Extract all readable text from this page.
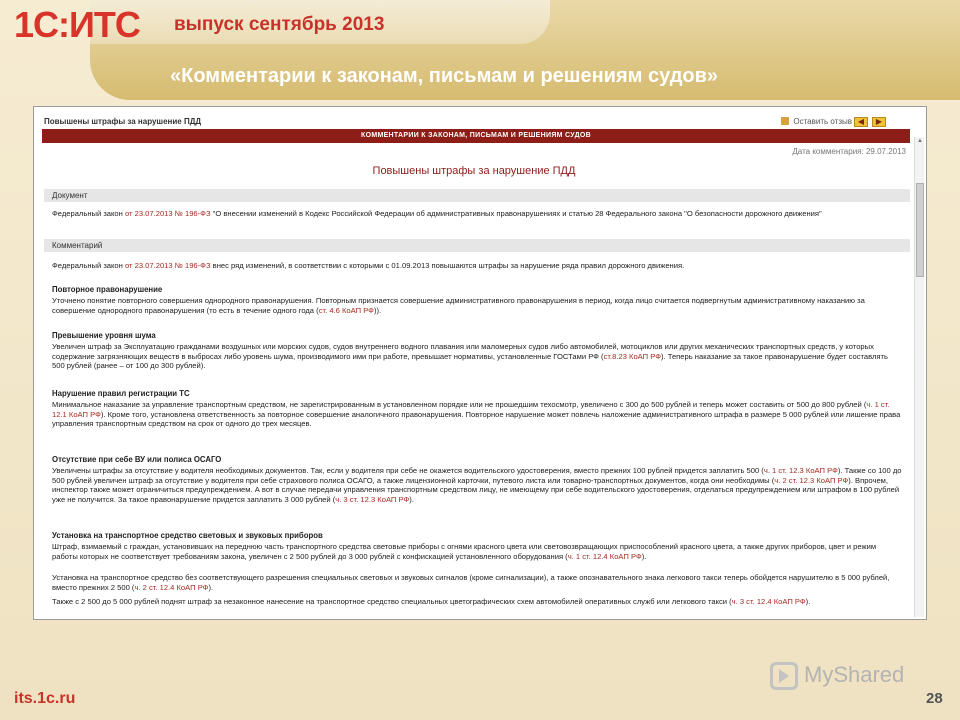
1С:ИТС выпуск сентябрь 2013
«Комментарии к законам, письмам и решениям судов»
Повышены штрафы за нарушение ПДД	Оставить отзыв ◀	▶
КОММЕНТАРИИ К ЗАКОНАМ, ПИСЬМАМ И РЕШЕНИЯМ СУДОВ
Дата комментария: 29.07.2013
Повышены штрафы за нарушение ПДД
Документ
Федеральный закон от 23.07.2013 № 196-ФЗ "О внесении изменений в Кодекс Российской Федерации об административных правонарушениях и статью 28 Федерального закона "О безопасности дорожного движения"
Комментарий
Федеральный закон от 23.07.2013 № 196-ФЗ внес ряд изменений, в соответствии с которыми с 01.09.2013 повышаются штрафы за нарушение ряда правил дорожного движения.
Повторное правонарушение
Уточнено понятие повторного совершения однородного правонарушения. Повторным признается совершение административного правонарушения в период, когда лицо считается подвергнутым административному наказанию за совершение однородного правонарушения (то есть в течение одного года (ст. 4.6 КоАП РФ)).
Превышение уровня шума
Увеличен штраф за Эксплуатацию гражданами воздушных или морских судов, судов внутреннего водного плавания или маломерных судов либо автомобилей, мотоциклов или других механических транспортных средств, у которых содержание загрязняющих веществ в выбросах либо уровень шума, производимого ими при работе, превышает нормативы, установленные ГОСТами РФ (ст.8.23 КоАП РФ). Теперь наказание за такое правонарушение будет составлять 500 рублей (ранее – от 100 до 300 рублей).
Нарушение правил регистрации ТС
Минимальное наказание за управление транспортным средством, не зарегистрированным в установленном порядке или не прошедшим техосмотр, увеличено с 300 до 500 рублей и теперь может составить от 500 до 800 рублей (ч. 1 ст. 12.1 КоАП РФ). Кроме того, установлена ответственность за повторное совершение аналогичного правонарушения. Повторное нарушение может повлечь наложение административного штрафа в размере 5 000 рублей или лишение права управления транспортным средством на срок от одного до трех месяцев.
Отсутствие при себе ВУ или полиса ОСАГО
Увеличены штрафы за отсутствие у водителя необходимых документов. Так, если у водителя при себе не окажется водительского удостоверения, вместо прежних 100 рублей придется заплатить 500 (ч. 1 ст. 12.3 КоАП РФ). Также со 100 до 500 рублей увеличен штраф за отсутствие у водителя при себе страхового полиса ОСАГО, а также лицензионной карточки, путевого листа или товарно-транспортных документов, когда они необходимы (ч. 2 ст. 12.3 КоАП РФ). Впрочем, инспектор также может ограничиться предупреждением. А вот в случае передачи управления транспортным средством лицу, не имеющему при себе водительского удостоверения, отделаться предупреждением или штрафом в 100 рублей уже не получится. За такое правонарушение придется заплатить 3 000 рублей (ч. 3 ст. 12.3 КоАП РФ).
Установка на транспортное средство световых и звуковых приборов
Штраф, взимаемый с граждан, установивших на переднюю часть транспортного средства световые приборы с огнями красного цвета или световозвращающих приспособлений красного цвета, а также других приборов, цвет и режим работы которых не соответствует требованиям закона, увеличен с 2 500 рублей до 3 000 рублей с конфискацией установленного оборудования (ч. 1 ст. 12.4 КоАП РФ).
Установка на транспортное средство без соответствующего разрешения специальных световых и звуковых сигналов (кроме сигнализации), а также опознавательного знака легкового такси теперь обойдется нарушителю в 5 000 рублей, вместо прежних 2 500 (ч. 2 ст. 12.4 КоАП РФ).
Также с 2 500 до 5 000 рублей поднят штраф за незаконное нанесение на транспортное средство специальных цветографических схем автомобилей оперативных служб или легкового такси (ч. 3 ст. 12.4 КоАП РФ).
▲
its.1c.ru
MyShared
28
